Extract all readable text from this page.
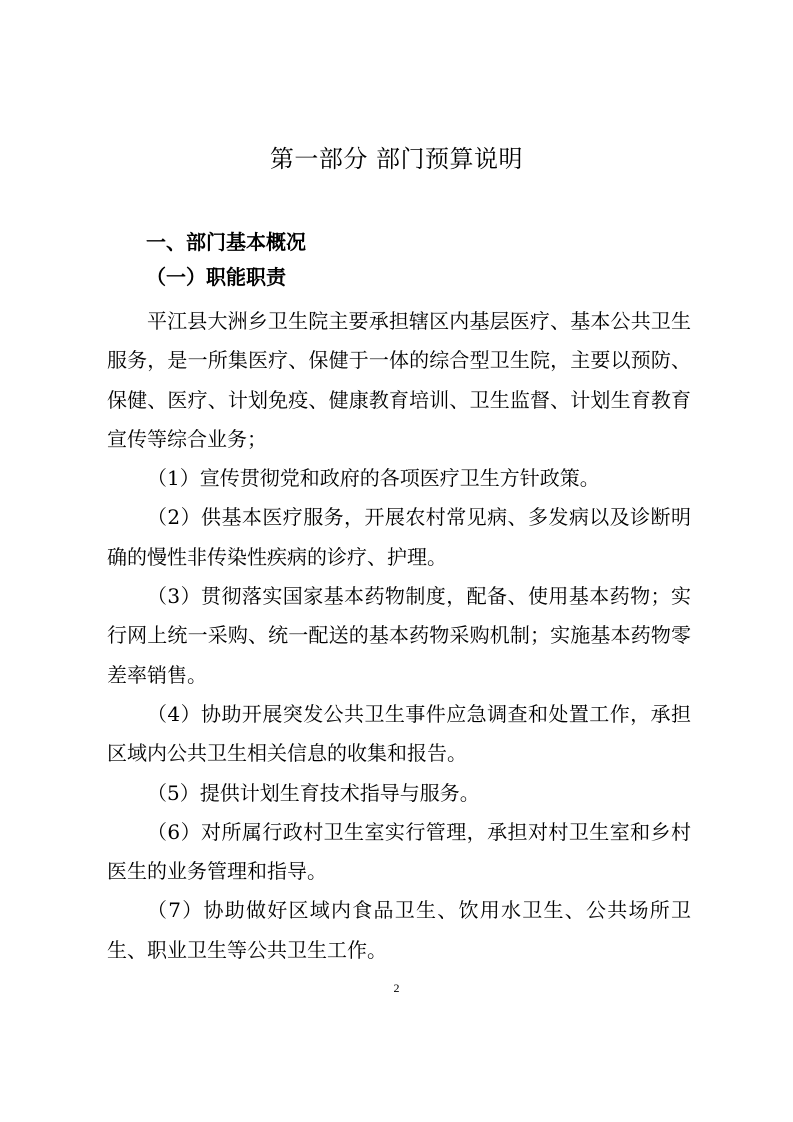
第一部分 部门预算说明
一、部门基本概况
（一）职能职责

平江县大洲乡卫生院主要承担辖区内基层医疗、基本公共卫生服务，是一所集医疗、保健于一体的综合型卫生院，主要以预防、保健、医疗、计划免疫、健康教育培训、卫生监督、计划生育教育宣传等综合业务；

（1）宣传贯彻党和政府的各项医疗卫生方针政策。

（2）供基本医疗服务，开展农村常见病、多发病以及诊断明确的慢性非传染性疾病的诊疗、护理。

（3）贯彻落实国家基本药物制度，配备、使用基本药物；实行网上统一采购、统一配送的基本药物采购机制；实施基本药物零差率销售。

（4）协助开展突发公共卫生事件应急调查和处置工作，承担区域内公共卫生相关信息的收集和报告。

（5）提供计划生育技术指导与服务。

（6）对所属行政村卫生室实行管理，承担对村卫生室和乡村医生的业务管理和指导。

（7）协助做好区域内食品卫生、饮用水卫生、公共场所卫生、职业卫生等公共卫生工作。

2
